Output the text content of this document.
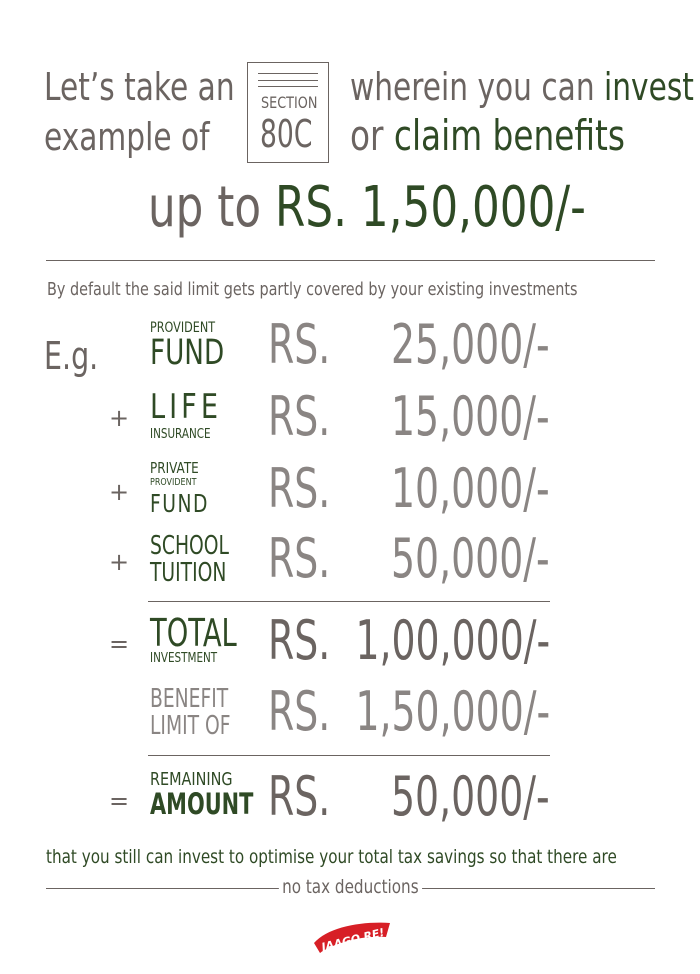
Let’s take an
example of
SECTION
80C
wherein you can invest
or claim benefits
up to RS. 1,50,000/-
By default the said limit gets partly covered by your existing investments
E.g.
PROVIDENT
FUND RS. 25,000/-
+ LIFE
INSURANCE RS. 15,000/-
+
PRIVATE
PROVIDENT
FUND RS. 10,000/-
+
SCHOOL
TUITION RS. 50,000/-
= TOTAL
INVESTMENT RS. 1,00,000/-
BENEFIT
LIMIT OF RS. 1,50,000/-
=
REMAINING
AMOUNT RS. 50,000/-
that you still can invest to optimise your total tax savings so that there are
no tax deductions
JAAGO RE!
